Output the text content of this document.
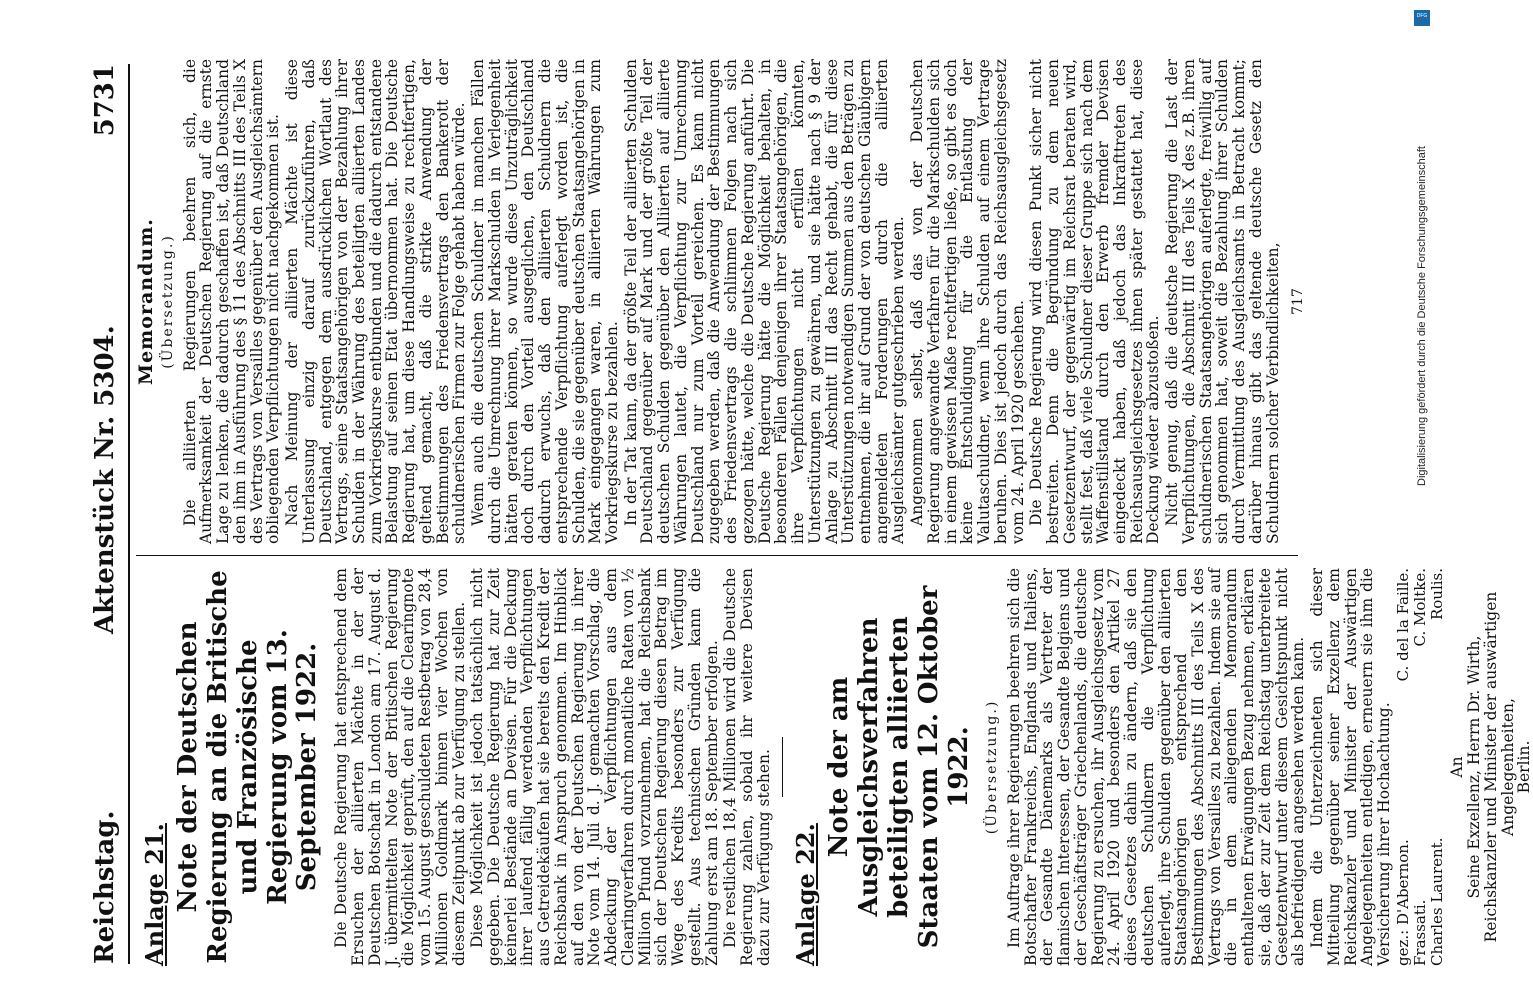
Reichstag.
Aktenstück Nr. 5304.
5731
Anlage 21. Note der Deutschen Regierung an die Britische und Französische Regierung vom 13. September 1922. Die Deutsche Regierung hat entsprechend dem Ersuchen der alliierten Mächte in der der Deutschen Botschaft in London am 17. August d. J. übermittelten Note der Britischen Regierung die Möglichkeit geprüft, den auf die Clearingnote vom 15. August geschuldeten Restbetrag von 28,4 Millionen Goldmark binnen vier Wochen von diesem Zeitpunkt ab zur Verfügung zu stellen. Diese Möglichkeit ist jedoch tatsächlich nicht gegeben. Die Deutsche Regierung hat zur Zeit keinerlei Bestände an Devisen. Für die Deckung ihrer laufend fällig werdenden Verpflichtungen aus Getreidekäufen hat sie bereits den Kredit der Reichsbank in Anspruch genommen. Im Hinblick auf den von der Deutschen Regierung in ihrer Note vom 14. Juli d. J. gemachten Vorschlag, die Abdeckung der Verpflichtungen aus dem Clearingverfahren durch monatliche Raten von ½ Million Pfund vorzunehmen, hat die Reichsbank sich der Deutschen Regierung diesen Betrag im Wege des Kredits besonders zur Verfügung gestellt. Aus technischen Gründen kann die Zahlung erst am 18. September erfolgen. Die restlichen 18,4 Millionen wird die Deutsche Regierung zahlen, sobald ihr weitere Devisen dazu zur Verfügung stehen. Anlage 22.
Note der am Ausgleichsverfahren beteiligten alliierten Staaten vom 12. Oktober 1922. (Übersetzung.) Im Auftrage ihrer Regierungen beehren sich die Botschafter Frankreichs, Englands und Italiens, der Gesandte Dänemarks als Vertreter der flamischen Interessen, der Gesandte Belgiens und der Geschäftsträger Griechenlands, die deutsche Regierung zu ersuchen, ihr Ausgleichsgesetz vom 24. April 1920 und besonders den Artikel 27 dieses Gesetzes dahin zu ändern, daß sie den deutschen Schuldnern die Verpflichtung auferlegt, ihre Schulden gegenüber den alliierten Staatsangehörigen entsprechend den Bestimmungen des Abschnitts III des Teils X des Vertrags von Versailles zu bezahlen. Indem sie auf die in dem anliegenden Memorandum enthaltenen Erwägungen Bezug nehmen, erklären sie, daß der zur Zeit dem Reichstag unterbreitete Gesetzentwurf unter diesem Gesichtspunkt nicht als befriedigend angesehen werden kann. Indem die Unterzeichneten sich dieser Mitteilung gegenüber seiner Exzellenz dem Reichskanzler und Minister der Auswärtigen Angelegenheiten entledigen, erneuern sie ihm die Versicherung ihrer Hochachtung. gez.: D'Abernon.
C. del la Faille.
Frassati.
C. Moltke.
Charles Laurent.
Roulis.
An
Seine Exzellenz, Herrn Dr. Wirth,
Reichskanzler und Minister der auswärtigen Angelegenheiten,
Berlin.
Memorandum. (Übersetzung.) Die alliierten Regierungen beehren sich, die Aufmerksamkeit der Deutschen Regierung auf die ernste Lage zu lenken, die dadurch geschaffen ist, daß Deutschland den ihm in Ausführung des § 11 des Abschnitts III des Teils X des Vertrags von Versailles gegenüber den Ausgleichsämtern obliegenden Verpflichtungen nicht nachgekommen ist. Nach Meinung der alliierten Mächte ist diese Unterlassung einzig darauf zurückzuführen, daß Deutschland, entgegen dem ausdrücklichen Wortlaut des Vertrags, seine Staatsangehörigen von der Bezahlung ihrer Schulden in der Währung des beteiligten alliierten Landes zum Vorkriegskurse entbunden und die dadurch entstandene Belastung auf seinen Etat übernommen hat. Die Deutsche Regierung hat, um diese Handlungsweise zu rechtfertigen, geltend gemacht, daß die strikte Anwendung der Bestimmungen des Friedensvertrags den Bankerott der schuldnerischen Firmen zur Folge gehabt haben würde. Wenn auch die deutschen Schuldner in manchen Fällen durch die Umrechnung ihrer Markschulden in Verlegenheit hätten geraten können, so wurde diese Unzuträglichkeit doch durch den Vorteil ausgeglichen, den Deutschland dadurch erwuchs, daß den alliierten Schuldnern die entsprechende Verpflichtung auferlegt worden ist, die Schulden, die sie gegenüber deutschen Staatsangehörigen in Mark eingegangen waren, in alliierten Währungen zum Vorkriegskurse zu bezahlen. In der Tat kann, da der größte Teil der alliierten Schulden Deutschland gegenüber auf Mark und der größte Teil der deutschen Schulden gegenüber den Alliierten auf alliierte Währungen lautet, die Verpflichtung zur Umrechnung Deutschland nur zum Vorteil gereichen. Es kann nicht zugegeben werden, daß die Anwendung der Bestimmungen des Friedensvertrags die schlimmen Folgen nach sich gezogen hätte, welche die Deutsche Regierung anführt. Die Deutsche Regierung hätte die Möglichkeit behalten, in besonderen Fällen denjenigen ihrer Staatsangehörigen, die ihre Verpflichtungen nicht erfüllen könnten, Unterstützungen zu gewähren, und sie hätte nach § 9 der Anlage zu Abschnitt III das Recht gehabt, die für diese Unterstützungen notwendigen Summen aus den Beträgen zu entnehmen, die ihr auf Grund der von deutschen Gläubigern angemeldeten Forderungen durch die alliierten Ausgleichsämter gutgeschrieben werden. Angenommen selbst, daß das von der Deutschen Regierung angewandte Verfahren für die Markschulden sich in einem gewissen Maße rechtfertigen ließe, so gibt es doch keine Entschuldigung für die Entlastung der Valutaschuldner, wenn ihre Schulden auf einem Vertrage beruhen. Dies ist jedoch durch das Reichsausgleichsgesetz vom 24. April 1920 geschehen. Die Deutsche Regierung wird diesen Punkt sicher nicht bestreiten. Denn die Begründung zu dem neuen Gesetzentwurf, der gegenwärtig im Reichsrat beraten wird, stellt fest, daß viele Schuldner dieser Gruppe sich nach dem Waffenstillstand durch den Erwerb fremder Devisen eingedeckt haben, daß jedoch das Inkrafttreten des Reichsausgleichsgesetzes ihnen später gestattet hat, diese Deckung wieder abzustoßen. Nicht genug, daß die deutsche Regierung die Last der Verpflichtungen, die Abschnitt III des Teils X des z.B. ihren schuldnerischen Staatsangehörigen auferlegte, freiwillig auf sich genommen hat, soweit die Bezahlung ihrer Schulden durch Vermittlung des Ausgleichsamts in Betracht kommt; darüber hinaus gibt das geltende deutsche Gesetz den Schuldnern solcher Verbindlichkeiten, 717
DFG
Digitalisierung gefördert durch die Deutsche Forschungsgemeinschaft
